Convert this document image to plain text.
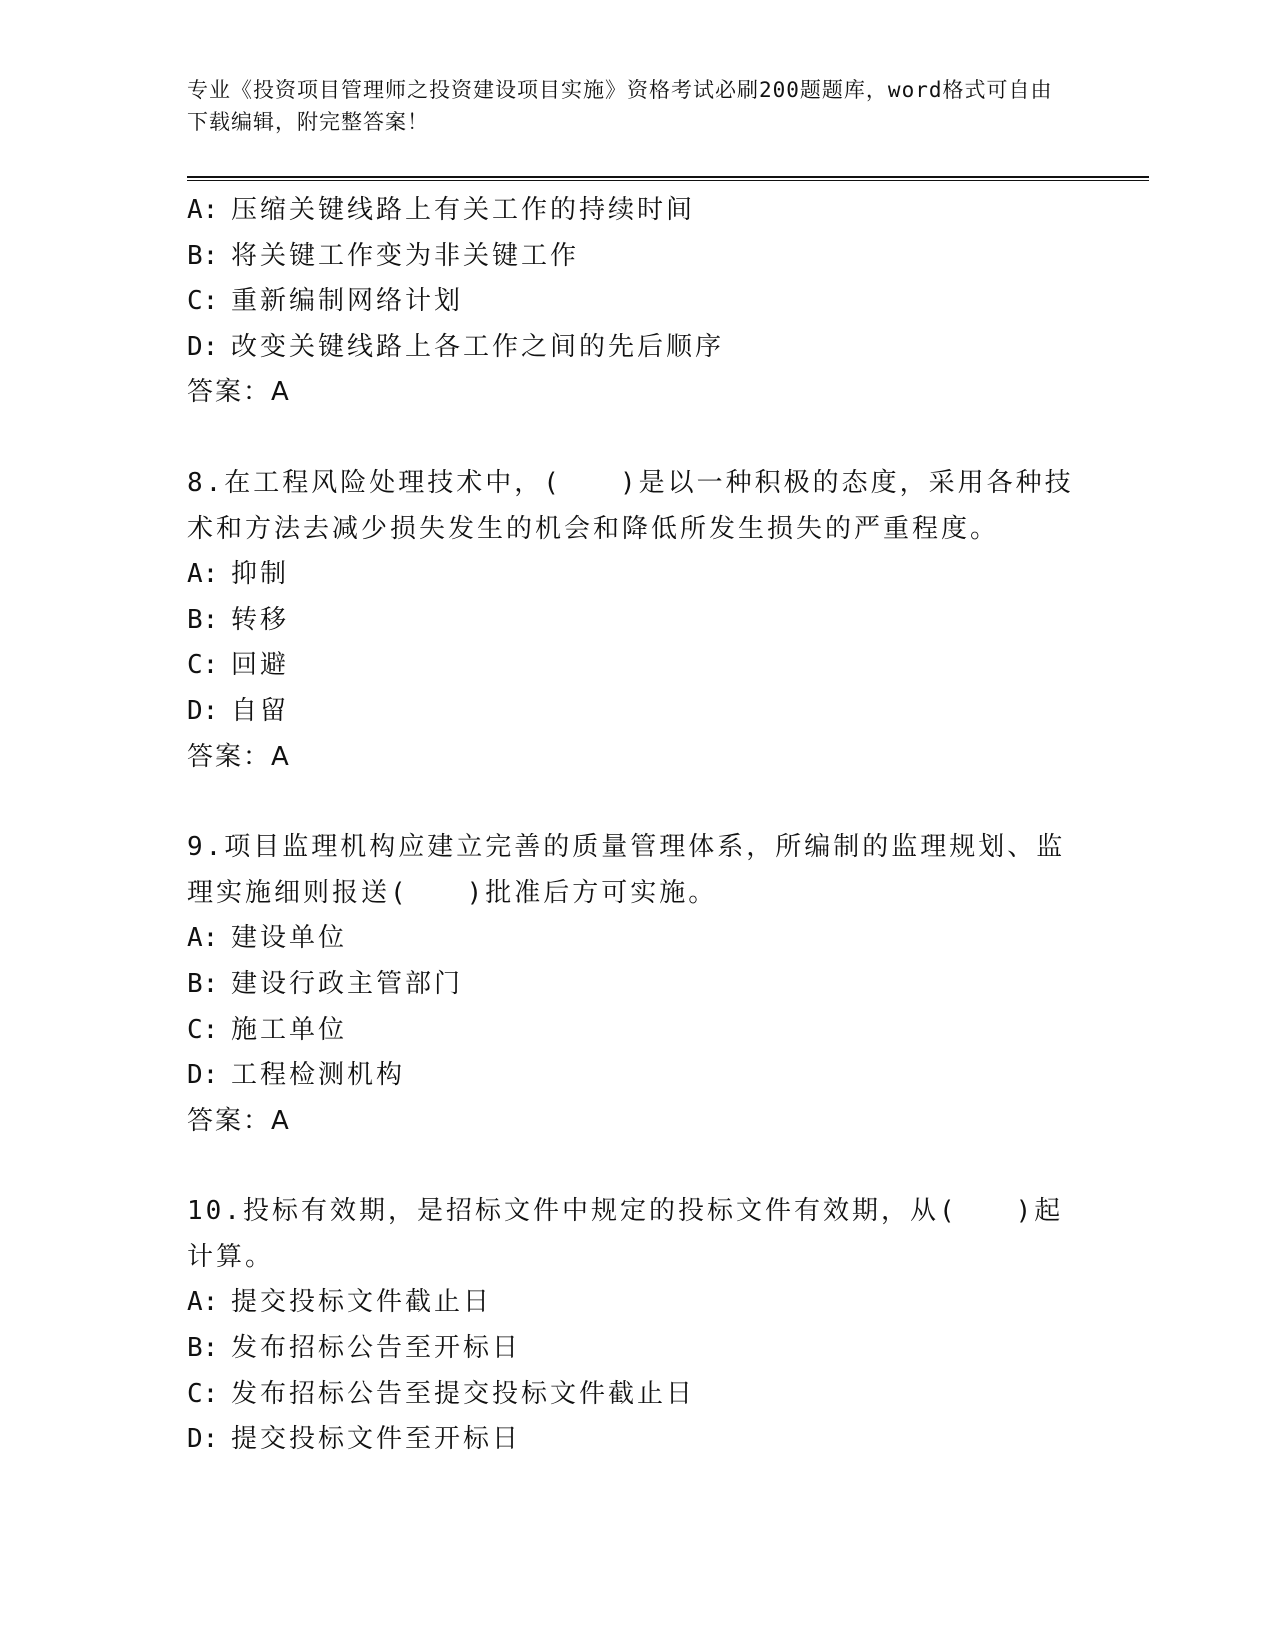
专业《投资项目管理师之投资建设项目实施》资格考试必刷200题题库，word格式可自由下载编辑，附完整答案！
A: 压缩关键线路上有关工作的持续时间
B: 将关键工作变为非关键工作
C: 重新编制网络计划
D: 改变关键线路上各工作之间的先后顺序
答案：A
8.在工程风险处理技术中，(　　)是以一种积极的态度，采用各种技术和方法去减少损失发生的机会和降低所发生损失的严重程度。
A: 抑制
B: 转移
C: 回避
D: 自留
答案：A
9.项目监理机构应建立完善的质量管理体系，所编制的监理规划、监理实施细则报送(　　)批准后方可实施。
A: 建设单位
B: 建设行政主管部门
C: 施工单位
D: 工程检测机构
答案：A
10.投标有效期，是招标文件中规定的投标文件有效期，从(　　)起计算。
A: 提交投标文件截止日
B: 发布招标公告至开标日
C: 发布招标公告至提交投标文件截止日
D: 提交投标文件至开标日
